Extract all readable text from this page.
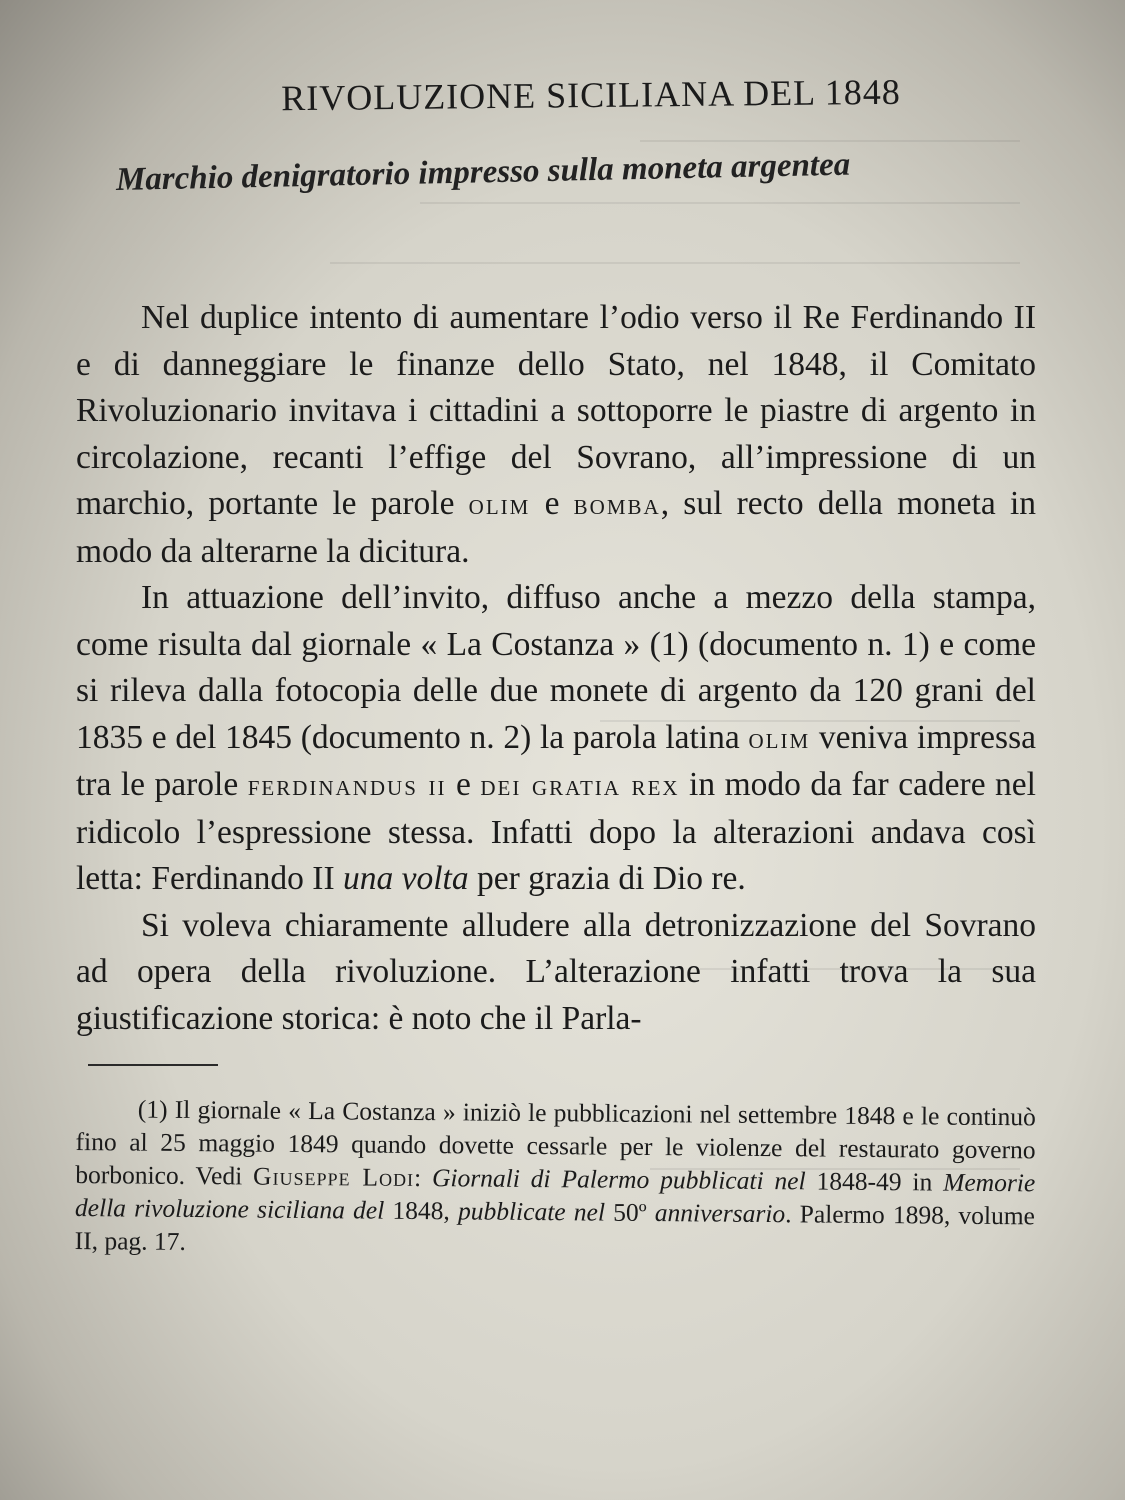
RIVOLUZIONE SICILIANA DEL 1848
Marchio denigratorio impresso sulla moneta argentea

Nel duplice intento di aumentare l’odio verso il Re Ferdinando II e di danneggiare le finanze dello Stato, nel 1848, il Comitato Rivoluzionario invitava i cittadini a sottoporre le piastre di argento in circolazione, recanti l’effige del Sovrano, all’impressione di un marchio, portante le parole olim e bomba, sul recto della moneta in modo da alterarne la dicitura.

In attuazione dell’invito, diffuso anche a mezzo della stampa, come risulta dal giornale « La Costanza » (1) (documento n. 1) e come si rileva dalla fotocopia delle due monete di argento da 120 grani del 1835 e del 1845 (documento n. 2) la parola latina olim veniva impressa tra le parole ferdinandus ii e dei gratia rex in modo da far cadere nel ridicolo l’espressione stessa. Infatti dopo la alterazioni andava così letta: Ferdinando II una volta per grazia di Dio re.

Si voleva chiaramente alludere alla detronizzazione del Sovrano ad opera della rivoluzione. L’alterazione infatti trova la sua giustificazione storica: è noto che il Parla-

(1) Il giornale « La Costanza » iniziò le pubblicazioni nel settembre 1848 e le continuò fino al 25 maggio 1849 quando dovette cessarle per le violenze del restaurato governo borbonico. Vedi Giuseppe Lodi: Giornali di Palermo pubblicati nel 1848-49 in Memorie della rivoluzione siciliana del 1848, pubblicate nel 50º anniversario. Palermo 1898, volume II, pag. 17.
